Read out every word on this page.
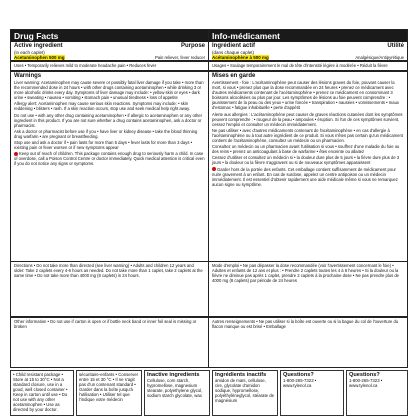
Drug Facts
Active ingredient	Purpose
(in each caplet)
Acetaminophen 500 mg	Pain reliever, fever reducer
Uses • Temporarily relieves mild to moderate headache pain • Reduces fever
Warnings
Liver warning: Acetaminophen may cause severe or possibly fatal liver damage if you take • more than the recommended dose in 24 hours • with other drugs containing acetaminophen • while drinking 3 or more alcoholic drinks every day. Symptoms of liver damage may include: • yellow skin or eyes • dark urine • sweating • nausea • vomiting • stomach pain • unusual tiredness • loss of appetite
Allergy alert: Acetaminophen may cause serious skin reactions. Symptoms may include: • skin reddening • blisters • rash. If a skin reaction occurs, stop use and seek medical help right away.
Do not use • with any other drug containing acetaminophen • if allergic to acetaminophen or any other ingredient in this product. If you are not sure whether a drug contains acetaminophen, ask a doctor or pharmacist.
Ask a doctor or pharmacist before use if you • have liver or kidney disease • take the blood thinning drug warfarin • are pregnant or breastfeeding.
Stop use and ask a doctor if • pain lasts for more than 5 days • fever lasts for more than 3 days • existing pain or fever worsen or if new symptoms appear
Keep out of reach of children. This package contains enough drug to seriously harm a child. In case of overdose, call a Poison Control Centre or doctor immediately. Quick medical attention is critical even if you do not notice any signs or symptoms.
Directions • Do not take more than directed (see liver warning) • Adults and children 12 years and older: Take 2 caplets every 4-6 hours as needed. Do not take more than 1 caplet, take 2 caplets at the same time • Do not take more than 4000 mg (8 caplets) in 24 hours.
Other information • Do not use if carton is open or if bottle neck band or inner foil seal is missing or broken
Info-médicament
Ingrédient actif	Utilité
(dans chaque caplet)
Acétaminophène à 500 mg	Analgésique/Antipyrétique
Usages • Soulage temporairement le mal de tête d'intensité légère à modérée • Réduit la fièvre
Mises en garde
Avertissement - foie : L'acétaminophène peut causer des lésions graves du foie, pouvant causer la mort, si vous • prenez plus que la dose recommandée en 24 heures • prenez ce médicament avec d'autres médicaments contenant de l'acétaminophène • prenez ce médicament en consommant 3 boissons alcoolisées ou plus par jour. Les symptômes de lésions au foie peuvent comprendre : • jaunissement de la peau ou des yeux • urine foncée • transpiration • nausées • vomissements • maux d'estomac • fatigue inhabituelle • perte d'appétit
Alerte aux allergies : L'acétaminophène peut causer de graves réactions cutanées dont les symptômes peuvent comprendre : • rougeur de la peau • ampoules • éruption. Si l'un de ces symptômes survient, cessez l'emploi et consulter un médecin immédiatement.
Ne pas utiliser • avec d'autres médicaments contenant de l'acétaminophène • en cas d'allergie à l'acétaminophène ou à tout autre ingrédient de ce produit. Si vous n'êtes pas certain qu'un médicament contient de l'acétaminophène, consultez un médecin ou un pharmacien.
Consultez un médecin ou un pharmacien avant l'utilisation si vous • souffrez d'une maladie du foie ou des reins • prenez un anticoagulant à base de warfarine • êtes enceinte ou allaitez
Cessez d'utiliser et consultez un médecin si • la douleur dure plus de 5 jours • la fièvre dure plus de 3 jours • la douleur ou la fièvre s'aggravent ou si de nouveaux symptômes apparaissent
Garder hors de la portée des enfants. Cet emballage contient suffisamment de médicament pour nuire gravement à un enfant. En cas de surdose, appelez un centre antipoison ou un médecin immédiatement. Il est essentiel d'obtenir rapidement une aide médicale même si vous ne remarquez aucun signe ou symptôme.
Mode d'emploi • Ne pas dépasser la dose recommandée (voir l'avertissement concernant le foie) • Adultes et enfants de 12 ans et plus : • Prendre 2 caplets toutes les 4 à 6 heures • Si la douleur ou la fièvre ne diminue pas après 1 caplet, prendre 2 caplets à la prochaine dose • Ne pas prendre plus de 4000 mg (8 caplets) par période de 24 heures
Autres renseignements • Ne pas utiliser si la boîte est ouverte ou si la bague du col de l'ouverture du flacon manque ou est brisé • Emballage
• Child resistant package • Store at 15 to 30°C • Not a standard closure, use in a good, well closed container • Keep in carton until use • Do not use with any other acetaminophen • Use as directed by your doctor.
sécuritaire-enfants • Conserver entre 15 et 30 °C • Il ne s'agit pas d'un contenant standard • Garder dans la boîte jusqu'à l'utilisation • Utiliser tel que l'indique votre médecin
Inactive ingredients
Cellulose, corn starch, hypromellose, magnesium stearate, polyethylene glycol, sodium starch glycolate, wax
Ingrédients inactifs
amidon de maïs, cellulose, cire, glycolate d'amidon sodique, hypromellose, polyéthylèneglycol, stéarate de magnésium
Questions?
1-800-265-7323 • www.tylenol.ca
Questions?
1-800-265-7323 • www.tylenol.ca
